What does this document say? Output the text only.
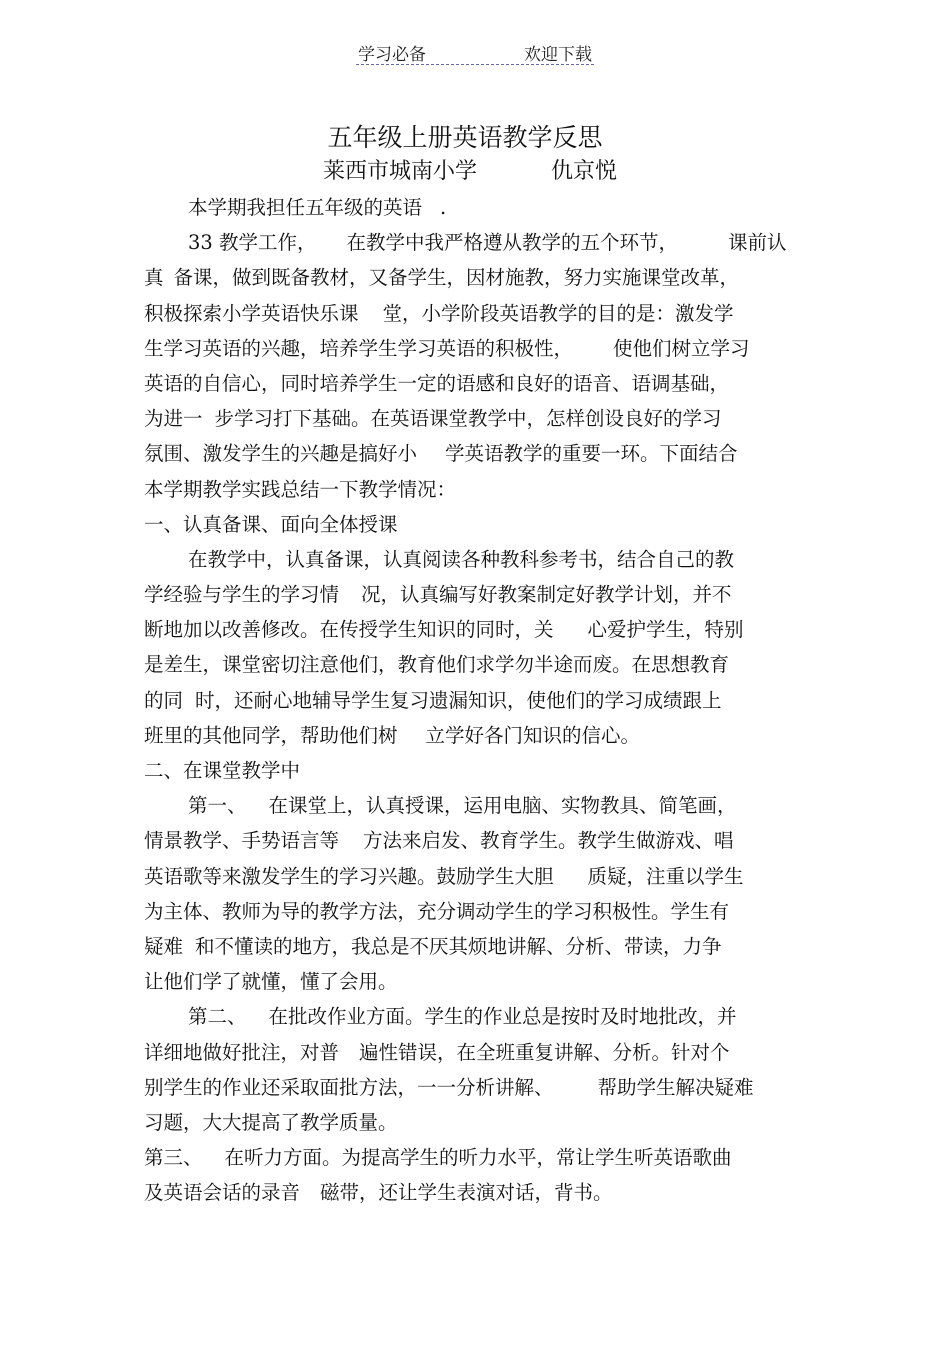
学习必备	欢迎下载
五年级上册英语教学反思
莱西市城南小学	仇京悦
本学期我担任五年级的英语 .
33 教学工作， 在教学中我严格遵从教学的五个环节，	课前认
真 备课，做到既备教材，又备学生，因材施教，努力实施课堂改革，
积极探索小学英语快乐课 堂，小学阶段英语教学的目的是：激发学
生学习英语的兴趣，培养学生学习英语的积极性， 使他们树立学习
英语的自信心，同时培养学生一定的语感和良好的语音、语调基础，
为进一 步学习打下基础。在英语课堂教学中，怎样创设良好的学习
氛围、激发学生的兴趣是搞好小 学英语教学的重要一环。下面结合
本学期教学实践总结一下教学情况：
一、认真备课、面向全体授课
在教学中，认真备课，认真阅读各种教科参考书，结合自己的教
学经验与学生的学习情 况，认真编写好教案制定好教学计划，并不
断地加以改善修改。在传授学生知识的同时，关 心爱护学生，特别
是差生，课堂密切注意他们，教育他们求学勿半途而废。在思想教育
的同 时，还耐心地辅导学生复习遗漏知识，使他们的学习成绩跟上
班里的其他同学，帮助他们树 立学好各门知识的信心。
二、在课堂教学中
第一、 在课堂上，认真授课，运用电脑、实物教具、简笔画，
情景教学、手势语言等 方法来启发、教育学生。教学生做游戏、唱
英语歌等来激发学生的学习兴趣。鼓励学生大胆 质疑，注重以学生
为主体、教师为导的教学方法，充分调动学生的学习积极性。学生有
疑难 和不懂读的地方，我总是不厌其烦地讲解、分析、带读，力争
让他们学了就懂，懂了会用。
第二、 在批改作业方面。学生的作业总是按时及时地批改，并
详细地做好批注，对普 遍性错误，在全班重复讲解、分析。针对个
别学生的作业还采取面批方法，一一分析讲解、 帮助学生解决疑难
习题，大大提高了教学质量。
第三、 在听力方面。为提高学生的听力水平，常让学生听英语歌曲
及英语会话的录音 磁带，还让学生表演对话，背书。
